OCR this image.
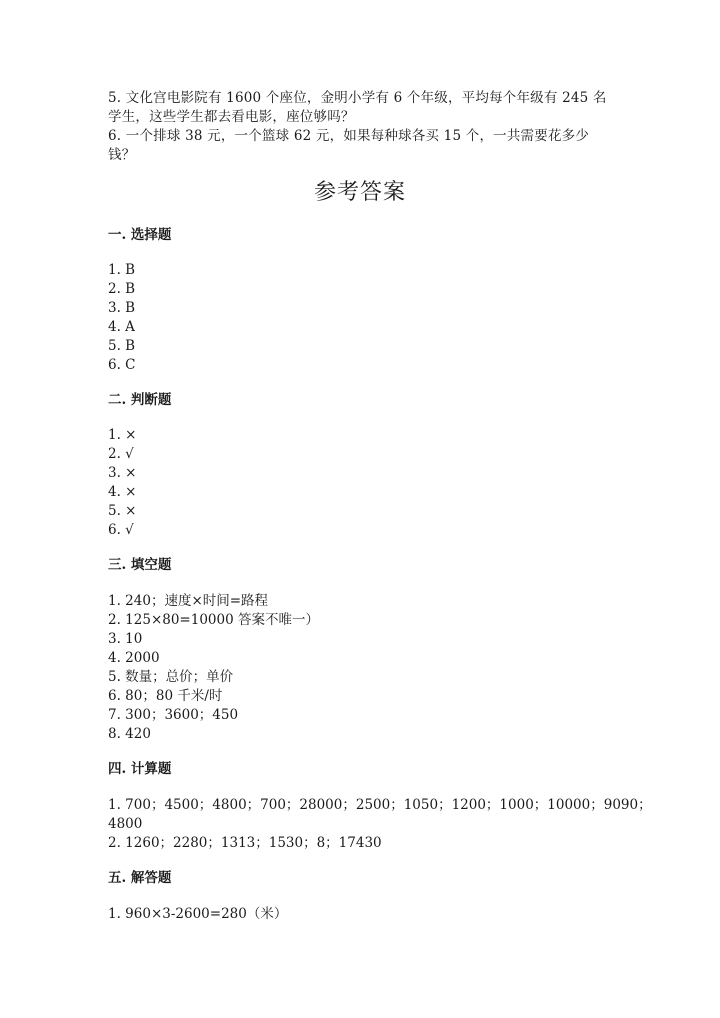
5. 文化宫电影院有 1600 个座位，金明小学有 6 个年级，平均每个年级有 245 名
学生，这些学生都去看电影，座位够吗？
6. 一个排球 38 元，一个篮球 62 元，如果每种球各买 15 个，一共需要花多少
钱？
参考答案
一. 选择题
1. B
2. B
3. B
4. A
5. B
6. C
二. 判断题
1. ×
2. √
3. ×
4. ×
5. ×
6. √
三. 填空题
1. 240；速度×时间=路程
2. 125×80=10000 答案不唯一）
3. 10
4. 2000
5. 数量；总价；单价
6. 80；80 千米/时
7. 300；3600；450
8. 420
四. 计算题
1. 700；4500；4800；700；28000；2500；1050；1200；1000；10000；9090；
4800
2. 1260；2280；1313；1530；8；17430
五. 解答题
1. 960×3-2600=280（米）
